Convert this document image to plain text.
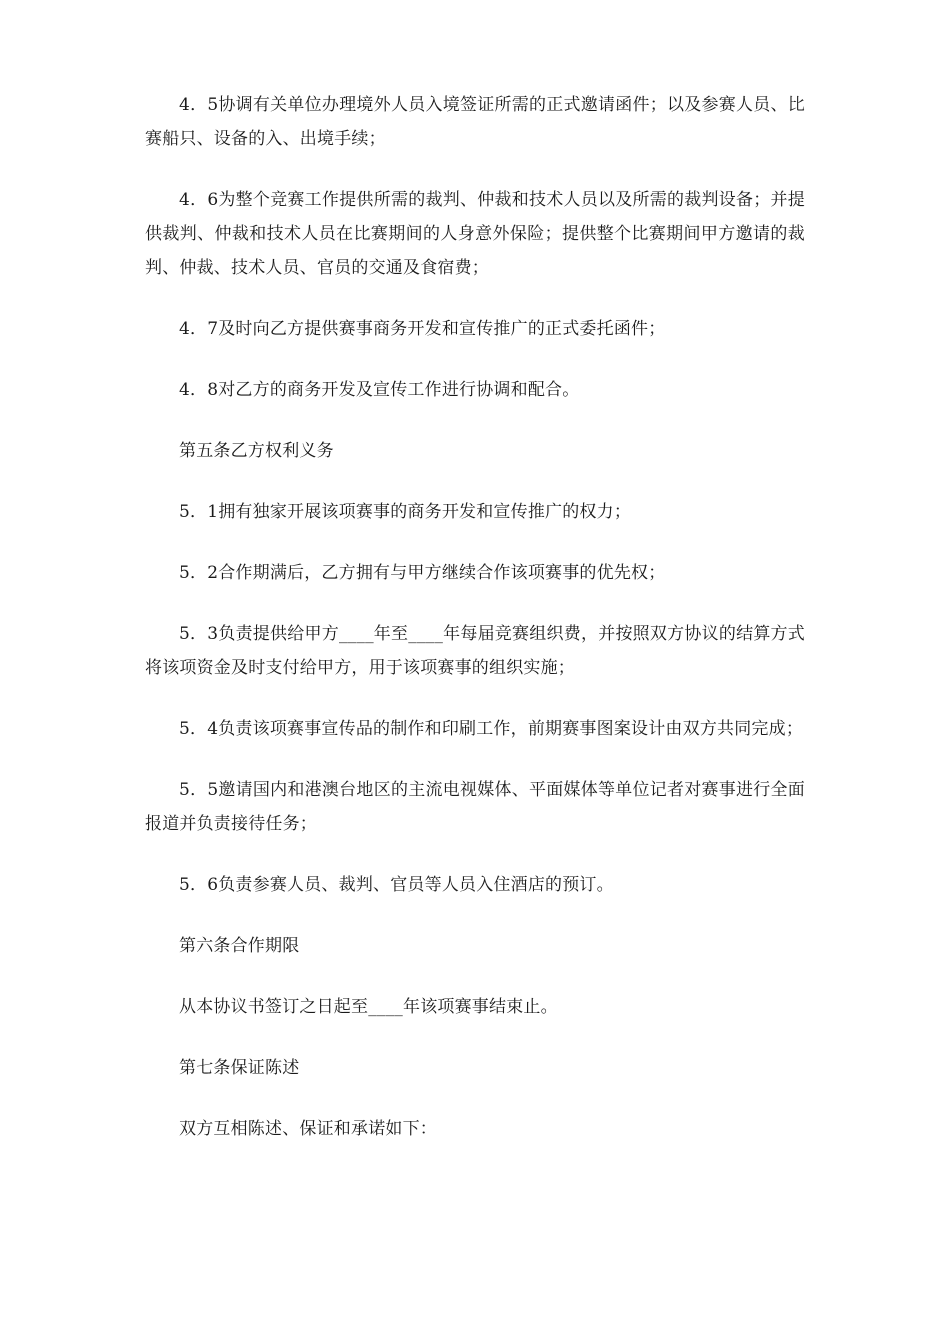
4．5协调有关单位办理境外人员入境签证所需的正式邀请函件；以及参赛人员、比赛船只、设备的入、出境手续；

4．6为整个竞赛工作提供所需的裁判、仲裁和技术人员以及所需的裁判设备；并提供裁判、仲裁和技术人员在比赛期间的人身意外保险；提供整个比赛期间甲方邀请的裁判、仲裁、技术人员、官员的交通及食宿费；

4．7及时向乙方提供赛事商务开发和宣传推广的正式委托函件；

4．8对乙方的商务开发及宣传工作进行协调和配合。

第五条乙方权利义务

5．1拥有独家开展该项赛事的商务开发和宣传推广的权力；

5．2合作期满后，乙方拥有与甲方继续合作该项赛事的优先权；

5．3负责提供给甲方____年至____年每届竞赛组织费，并按照双方协议的结算方式将该项资金及时支付给甲方，用于该项赛事的组织实施；

5．4负责该项赛事宣传品的制作和印刷工作，前期赛事图案设计由双方共同完成；

5．5邀请国内和港澳台地区的主流电视媒体、平面媒体等单位记者对赛事进行全面报道并负责接待任务；

5．6负责参赛人员、裁判、官员等人员入住酒店的预订。

第六条合作期限

从本协议书签订之日起至____年该项赛事结束止。

第七条保证陈述

双方互相陈述、保证和承诺如下：
